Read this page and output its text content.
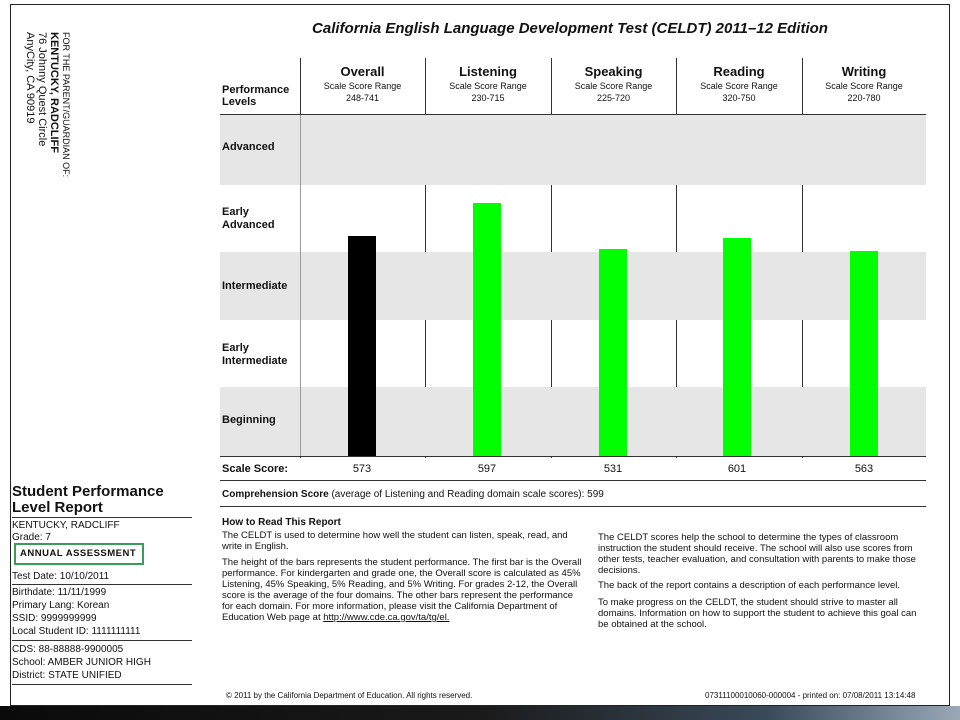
California English Language Development Test (CELDT) 2011–12 Edition
FOR THE PARENT/GUARDIAN OF:
KENTUCKY, RADCLIFF
76 Johnny Quest Circle
AnyCity, CA 90919	Performance
Levels
Overall
Scale Score Range
248-741
Listening
Scale Score Range
230-715
Speaking
Scale Score Range
225-720
Reading
Scale Score Range
320-750
Writing
Scale Score Range
220-780
Advanced
Early
Advanced
Intermediate
Early
Intermediate
Beginning
Scale Score:	573	597	531	601	563
Comprehension Score (average of Listening and Reading domain scale scores): 599
How to Read This Report
The CELDT is used to determine how well the student can listen, speak, read, and write in English.
The height of the bars represents the student performance. The first bar is the Overall performance. For kindergarten and grade one, the Overall score is calculated as 45% Listening, 45% Speaking, 5% Reading, and 5% Writing. For grades 2-12, the Overall score is the average of the four domains. The other bars represent the performance for each domain. For more information, please visit the California Department of Education Web page at http://www.cde.ca.gov/ta/tg/el.
The CELDT scores help the school to determine the types of classroom instruction the student should receive. The school will also use scores from other tests, teacher evaluation, and consultation with parents to make those decisions.
The back of the report contains a description of each performance level.
To make progress on the CELDT, the student should strive to master all domains. Information on how to support the student to achieve this goal can be obtained at the school.
Student Performance Level Report
KENTUCKY, RADCLIFF
Grade: 7
ANNUAL ASSESSMENT
Test Date: 10/10/2011
Birthdate: 11/11/1999
Primary Lang: Korean
SSID: 9999999999
Local Student ID: 1111111111
CDS: 88-88888-9900005
School: AMBER JUNIOR HIGH
District: STATE UNIFIED
© 2011 by the California Department of Education. All rights reserved.	07311100010060-000004 - printed on: 07/08/2011 13:14:48
